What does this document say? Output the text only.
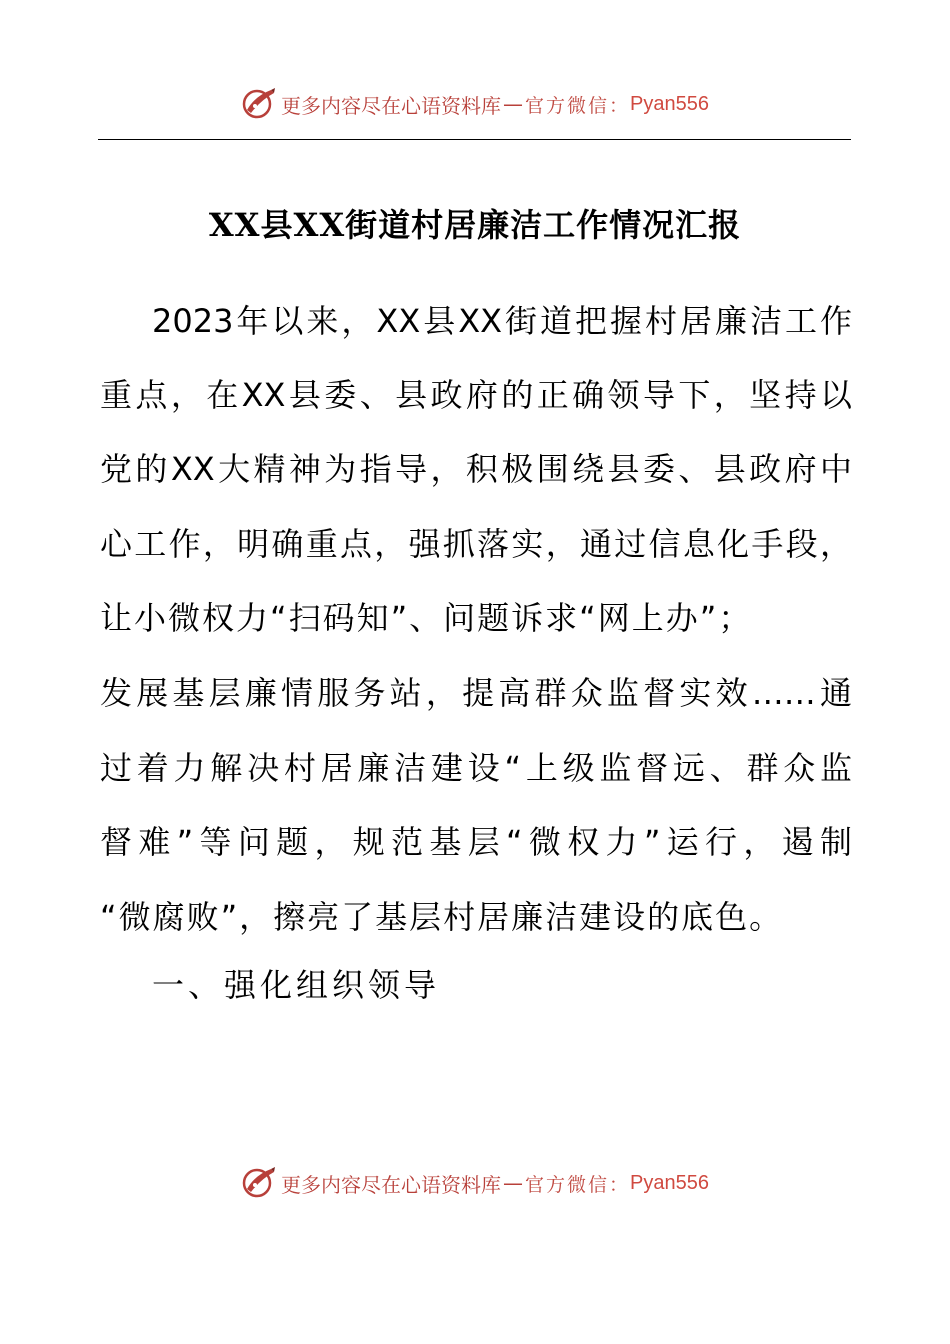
更多内容尽在心语资料库 — 官方微信： Pyan556
XX县XX街道村居廉洁工作情况汇报
2023年以来，XX县XX街道把握村居廉洁工作
重点，在XX县委、县政府的正确领导下，坚持以
党的XX大精神为指导，积极围绕县委、县政府中
心工作，明确重点，强抓落实，通过信息化手段，
让小微权力“扫码知”、问题诉求“网上办”；
发展基层廉情服务站，提高群众监督实效……通
过着力解决村居廉洁建设“上级监督远、群众监
督难”等问题，规范基层“微权力”运行，遏制
“微腐败”，擦亮了基层村居廉洁建设的底色。
一、强化组织领导
更多内容尽在心语资料库 — 官方微信： Pyan556
